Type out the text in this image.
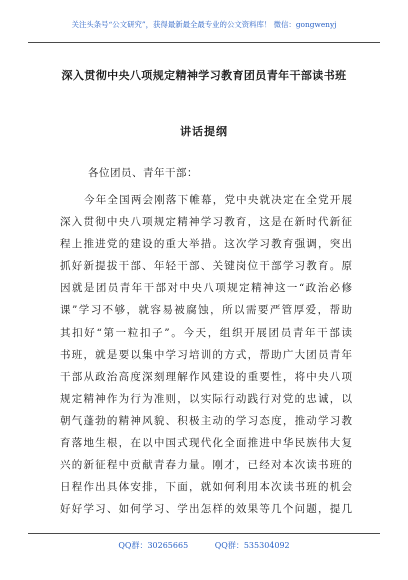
关注头条号“公文研究”，获得最新最全最专业的公文资料库！ 微信：gongwenyj
深入贯彻中央八项规定精神学习教育团员青年干部读书班
讲话提纲
各位团员、青年干部：
今年全国两会刚落下帷幕，党中央就决定在全党开展
深入贯彻中央八项规定精神学习教育，这是在新时代新征
程上推进党的建设的重大举措。这次学习教育强调，突出
抓好新提拔干部、年轻干部、关键岗位干部学习教育。原
因就是团员青年干部对中央八项规定精神这一“政治必修
课”学习不够，就容易被腐蚀，所以需要严管厚爱，帮助
其扣好“第一粒扣子”。今天，组织开展团员青年干部读
书班，就是要以集中学习培训的方式，帮助广大团员青年
干部从政治高度深刻理解作风建设的重要性，将中央八项
规定精神作为行为准则，以实际行动践行对党的忠诚，以
朝气蓬勃的精神风貌、积极主动的学习态度，推动学习教
育落地生根，在以中国式现代化全面推进中华民族伟大复
兴的新征程中贡献青春力量。刚才，已经对本次读书班的
日程作出具体安排，下面，就如何利用本次读书班的机会
好好学习、如何学习、学出怎样的效果等几个问题，提几
QQ群：30265665	QQ群：535304092
